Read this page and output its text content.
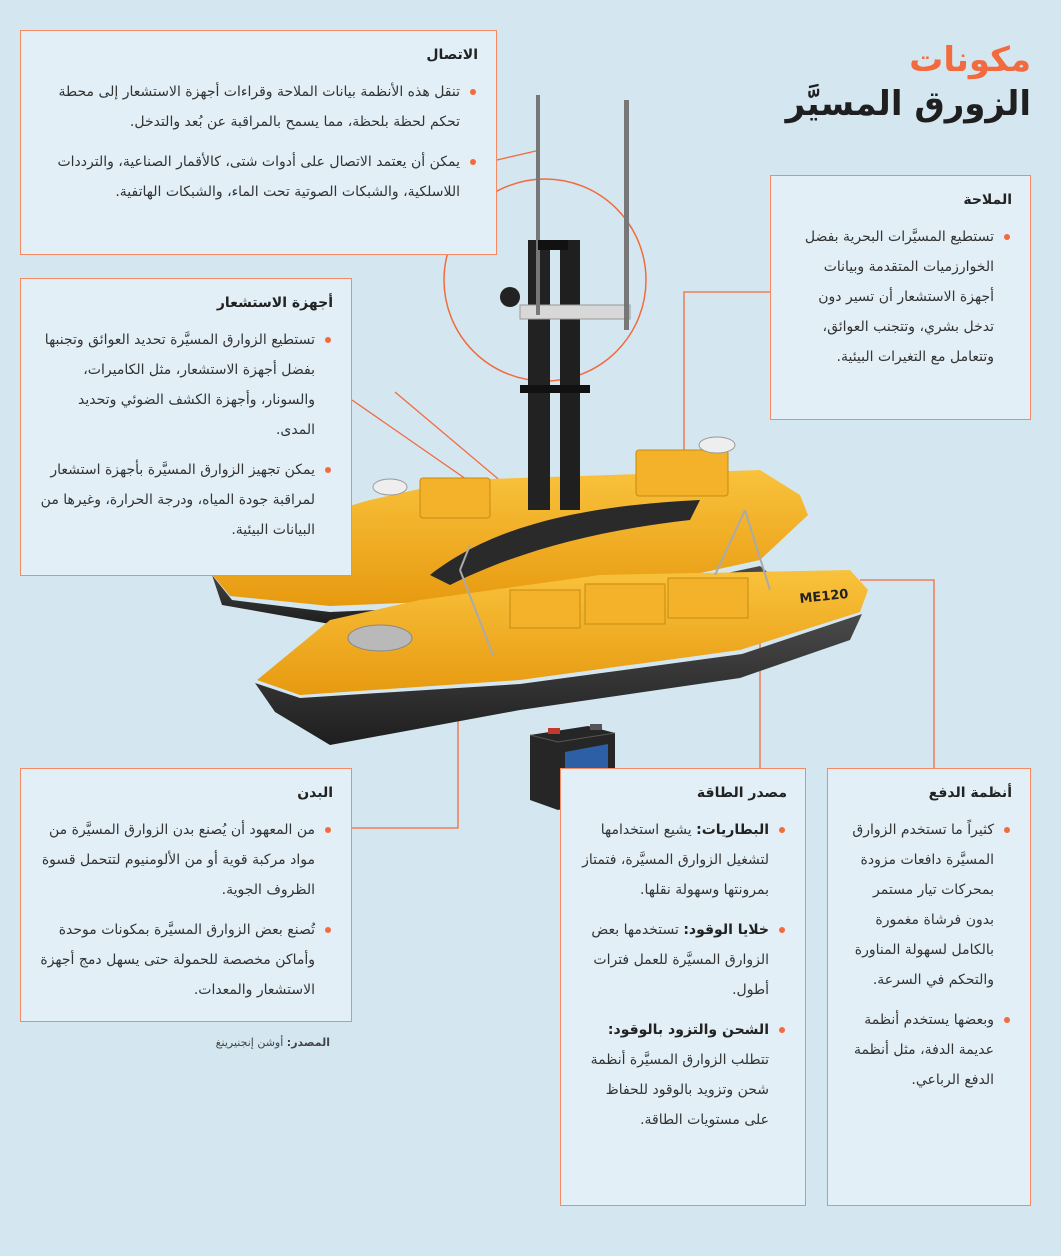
ME120
مكونات
الزورق المسيَّر
الاتصال
تنقل هذه الأنظمة بيانات الملاحة وقراءات أجهزة الاستشعار إلى محطة تحكم لحظة بلحظة، مما يسمح بالمراقبة عن بُعد والتدخل.
يمكن أن يعتمد الاتصال على أدوات شتى، كالأقمار الصناعية، والترددات اللاسلكية، والشبكات الصوتية تحت الماء، والشبكات الهاتفية.	الملاحة
تستطيع المسيَّرات البحرية بفضل الخوارزميات المتقدمة وبيانات أجهزة الاستشعار أن تسير دون تدخل بشري، وتتجنب العوائق، وتتعامل مع التغيرات البيئية.
أجهزة الاستشعار
تستطيع الزوارق المسيَّرة تحديد العوائق وتجنبها بفضل أجهزة الاستشعار، مثل الكاميرات، والسونار، وأجهزة الكشف الضوئي وتحديد المدى.
يمكن تجهيز الزوارق المسيَّرة بأجهزة استشعار لمراقبة جودة المياه، ودرجة الحرارة، وغيرها من البيانات البيئية.
البدن
من المعهود أن يُصنع بدن الزوارق المسيَّرة من مواد مركبة قوية أو من الألومنيوم لتتحمل قسوة الظروف الجوية.
تُصنع بعض الزوارق المسيَّرة بمكونات موحدة وأماكن مخصصة للحمولة حتى يسهل دمج أجهزة الاستشعار والمعدات.
مصدر الطاقة
البطاريات: يشيع استخدامها لتشغيل الزوارق المسيَّرة، فتمتاز بمرونتها وسهولة نقلها.
خلايا الوقود: تستخدمها بعض الزوارق المسيَّرة للعمل فترات أطول.
الشحن والتزود بالوقود: تتطلب الزوارق المسيَّرة أنظمة شحن وتزويد بالوقود للحفاظ على مستويات الطاقة.
أنظمة الدفع
كثيراً ما تستخدم الزوارق المسيَّرة دافعات مزودة بمحركات تيار مستمر بدون فرشاة مغمورة بالكامل لسهولة المناورة والتحكم في السرعة.
وبعضها يستخدم أنظمة عديمة الدفة، مثل أنظمة الدفع الرباعي.
المصدر: أوشن إنجنيرينغ
